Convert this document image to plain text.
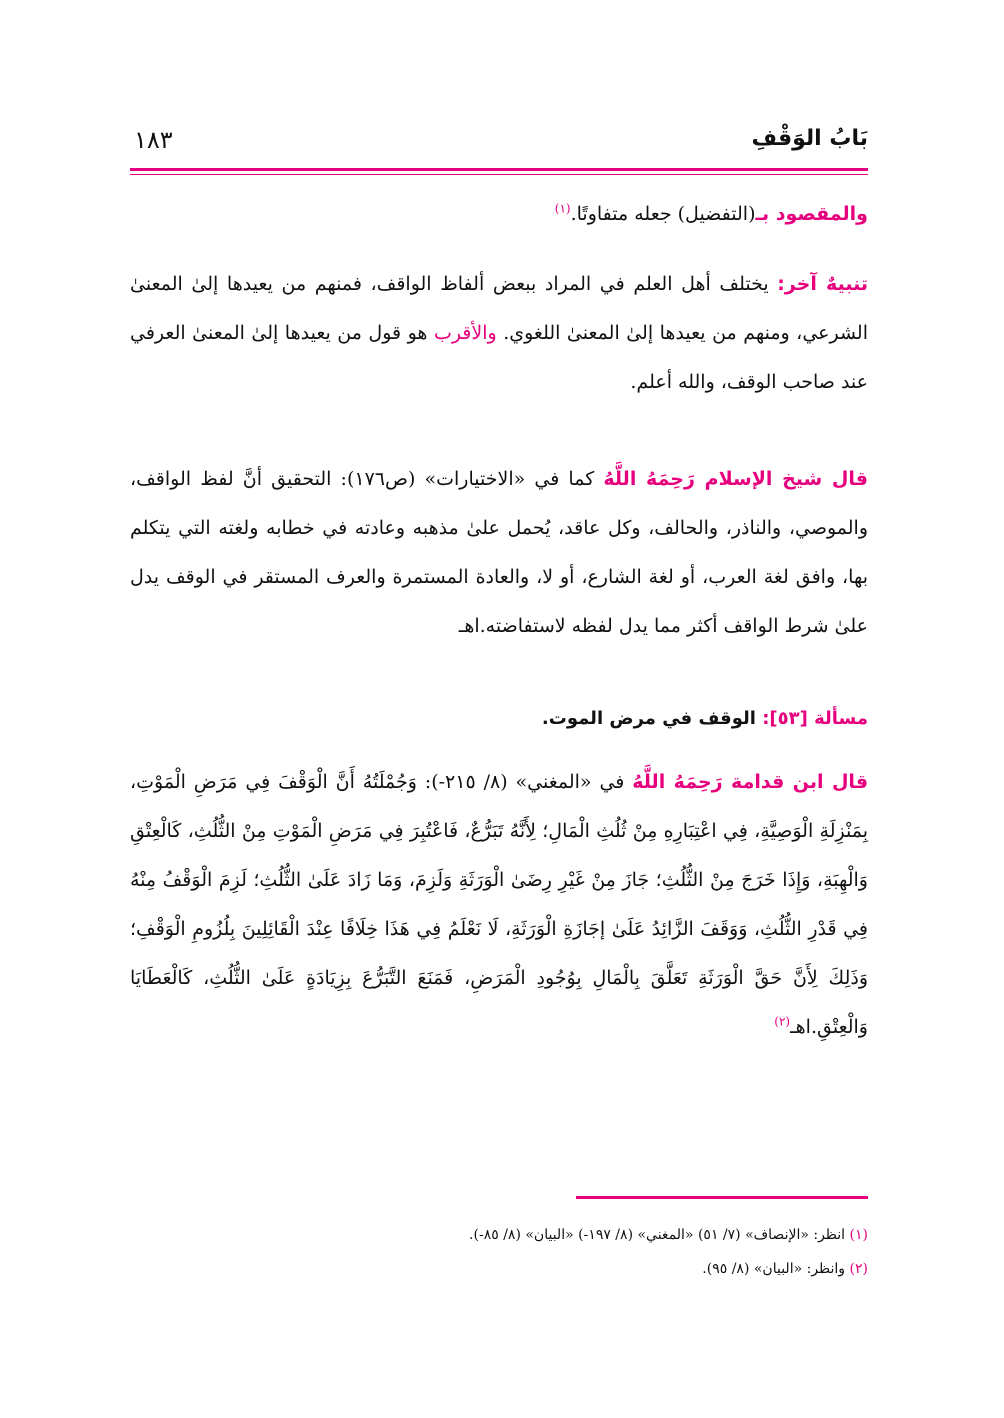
بَابُ الوَقْفِ
١٨٣
والمقصود بـ(التفضيل) جعله متفاوتًا.$^{(١)}$
تنبيهٌ آخر: يختلف أهل العلم في المراد ببعض ألفاظ الواقف، فمنهم من يعيدها إلىٰ المعنىٰ الشرعي، ومنهم من يعيدها إلىٰ المعنىٰ اللغوي. والأقرب هو قول من يعيدها إلىٰ المعنىٰ العرفي عند صاحب الوقف، والله أعلم.
قال شيخ الإسلام رَحِمَهُ اللَّهُ كما في «الاختيارات» (ص١٧٦): التحقيق أنَّ لفظ الواقف، والموصي، والناذر، والحالف، وكل عاقد، يُحمل علىٰ مذهبه وعادته في خطابه ولغته التي يتكلم بها، وافق لغة العرب، أو لغة الشارع، أو لا، والعادة المستمرة والعرف المستقر في الوقف يدل علىٰ شرط الواقف أكثر مما يدل لفظه لاستفاضته.اهـ
مسألة [٥٣]: الوقف في مرض الموت.
قال ابن قدامة رَحِمَهُ اللَّهُ في «المغني» (٨/ ٢١٥-): وَجُمْلَتُهُ أَنَّ الْوَقْفَ فِي مَرَضِ الْمَوْتِ، بِمَنْزِلَةِ الْوَصِيَّةِ، فِي اعْتِبَارِهِ مِنْ ثُلُثِ الْمَالِ؛ لِأَنَّهُ تَبَرُّعٌ، فَاعْتُبِرَ فِي مَرَضِ الْمَوْتِ مِنْ الثُّلُثِ، كَالْعِتْقِ وَالْهِبَةِ، وَإِذَا خَرَجَ مِنْ الثُّلُثِ؛ جَازَ مِنْ غَيْرِ رِضَىٰ الْوَرَثَةِ وَلَزِمَ، وَمَا زَادَ عَلَىٰ الثُّلُثِ؛ لَزِمَ الْوَقْفُ مِنْهُ فِي قَدْرِ الثُّلُثِ، وَوَقَفَ الزَّائِدُ عَلَىٰ إجَازَةِ الْوَرَثَةِ، لَا نَعْلَمُ فِي هَذَا خِلَافًا عِنْدَ الْقَائِلِينَ بِلُزُومِ الْوَقْفِ؛ وَذَلِكَ لِأَنَّ حَقَّ الْوَرَثَةِ تَعَلَّقَ بِالْمَالِ بِوُجُودِ الْمَرَضِ، فَمَنَعَ التَّبَرُّعَ بِزِيَادَةٍ عَلَىٰ الثُّلُثِ، كَالْعَطَايَا وَالْعِتْقِ.اهـ$^{(٢)}$
(١) انظر: «الإنصاف» (٧/ ٥١) «المغني» (٨/ ١٩٧-) «البيان» (٨/ ٨٥-).
(٢) وانظر: «البيان» (٨/ ٩٥).
